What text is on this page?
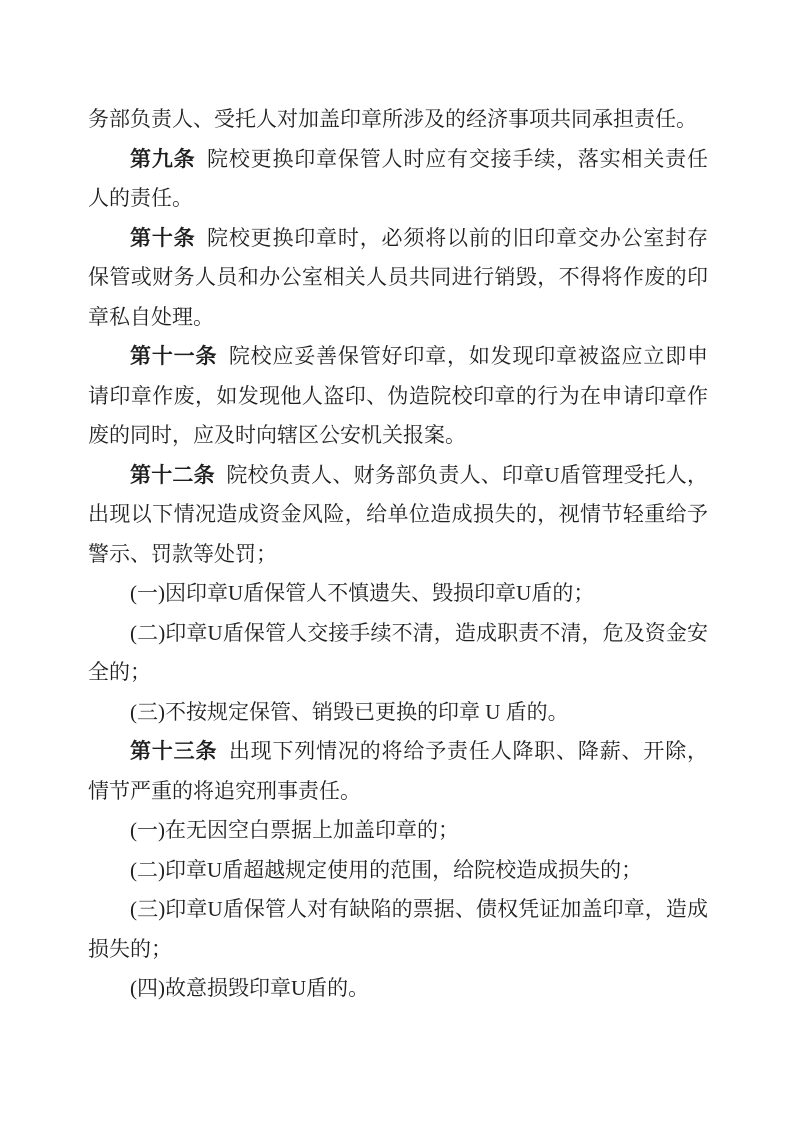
务部负责人、受托人对加盖印章所涉及的经济事项共同承担责任。

第九条 院校更换印章保管人时应有交接手续，落实相关责任人的责任。

第十条 院校更换印章时，必须将以前的旧印章交办公室封存保管或财务人员和办公室相关人员共同进行销毁，不得将作废的印章私自处理。

第十一条 院校应妥善保管好印章，如发现印章被盗应立即申请印章作废，如发现他人盗印、伪造院校印章的行为在申请印章作废的同时，应及时向辖区公安机关报案。

第十二条 院校负责人、财务部负责人、印章U盾管理受托人，出现以下情况造成资金风险，给单位造成损失的，视情节轻重给予警示、罚款等处罚；

(一)因印章U盾保管人不慎遗失、毁损印章U盾的；

(二)印章U盾保管人交接手续不清，造成职责不清，危及资金安全的；

(三)不按规定保管、销毁已更换的印章 U 盾的。

第十三条 出现下列情况的将给予责任人降职、降薪、开除，情节严重的将追究刑事责任。

(一)在无因空白票据上加盖印章的；

(二)印章U盾超越规定使用的范围，给院校造成损失的；

(三)印章U盾保管人对有缺陷的票据、债权凭证加盖印章，造成损失的；

(四)故意损毁印章U盾的。
